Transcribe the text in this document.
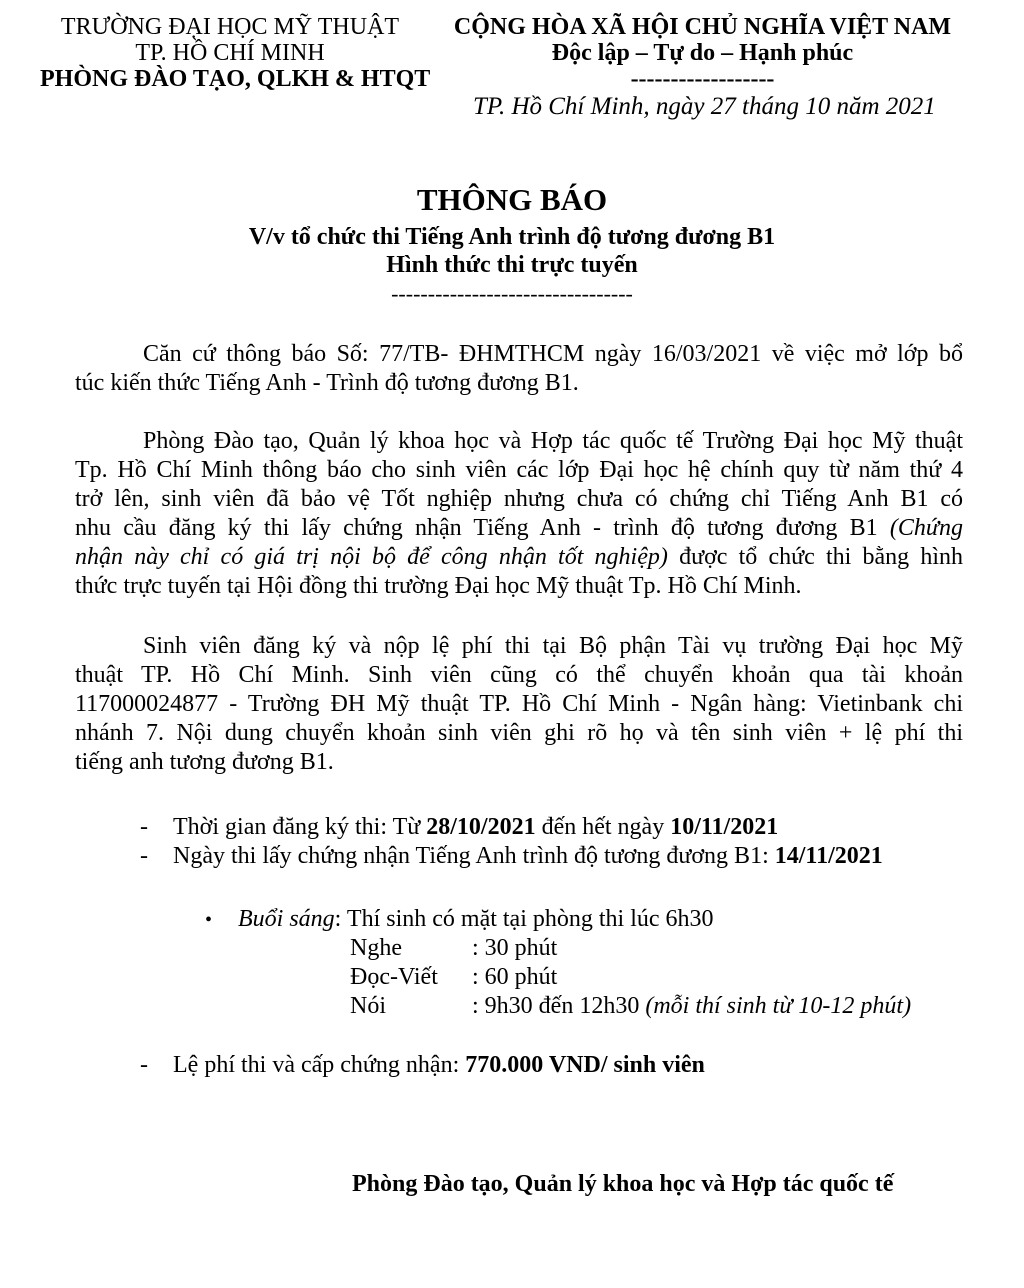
TRƯỜNG ĐẠI HỌC MỸ THUẬT
TP. HỒ CHÍ MINH
PHÒNG ĐÀO TẠO, QLKH & HTQT
CỘNG HÒA XÃ HỘI CHỦ NGHĨA VIỆT NAM
Độc lập – Tự do – Hạnh phúc
------------------
TP. Hồ Chí Minh, ngày 27 tháng 10 năm 2021
THÔNG BÁO
V/v tổ chức thi Tiếng Anh trình độ tương đương B1
Hình thức thi trực tuyến
---------------------------------
Căn cứ thông báo Số: 77/TB- ĐHMTHCM ngày 16/03/2021 về việc mở lớp bổ
túc kiến thức Tiếng Anh - Trình độ tương đương B1.
Phòng Đào tạo, Quản lý khoa học và Hợp tác quốc tế Trường Đại học Mỹ thuật
Tp. Hồ Chí Minh thông báo cho sinh viên các lớp Đại học hệ chính quy từ năm thứ 4
trở lên, sinh viên đã bảo vệ Tốt nghiệp nhưng chưa có chứng chỉ Tiếng Anh B1 có
nhu cầu đăng ký thi lấy chứng nhận Tiếng Anh - trình độ tương đương B1 (Chứng
nhận này chỉ có giá trị nội bộ để công nhận tốt nghiệp) được tổ chức thi bằng hình
thức trực tuyến tại Hội đồng thi trường Đại học Mỹ thuật Tp. Hồ Chí Minh.
Sinh viên đăng ký và nộp lệ phí thi tại Bộ phận Tài vụ trường Đại học Mỹ
thuật TP. Hồ Chí Minh. Sinh viên cũng có thể chuyển khoản qua tài khoản
117000024877 - Trường ĐH Mỹ thuật TP. Hồ Chí Minh - Ngân hàng: Vietinbank chi
nhánh 7. Nội dung chuyển khoản sinh viên ghi rõ họ và tên sinh viên + lệ phí thi
tiếng anh tương đương B1.
- Thời gian đăng ký thi: Từ 28/10/2021 đến hết ngày 10/11/2021
- Ngày thi lấy chứng nhận Tiếng Anh trình độ tương đương B1: 14/11/2021
• Buổi sáng: Thí sinh có mặt tại phòng thi lúc 6h30
Nghe	: 30 phút
Đọc-Viết : 60 phút
Nói	: 9h30 đến 12h30 (mỗi thí sinh từ 10-12 phút)
- Lệ phí thi và cấp chứng nhận: 770.000 VND/ sinh viên
Phòng Đào tạo, Quản lý khoa học và Hợp tác quốc tế
